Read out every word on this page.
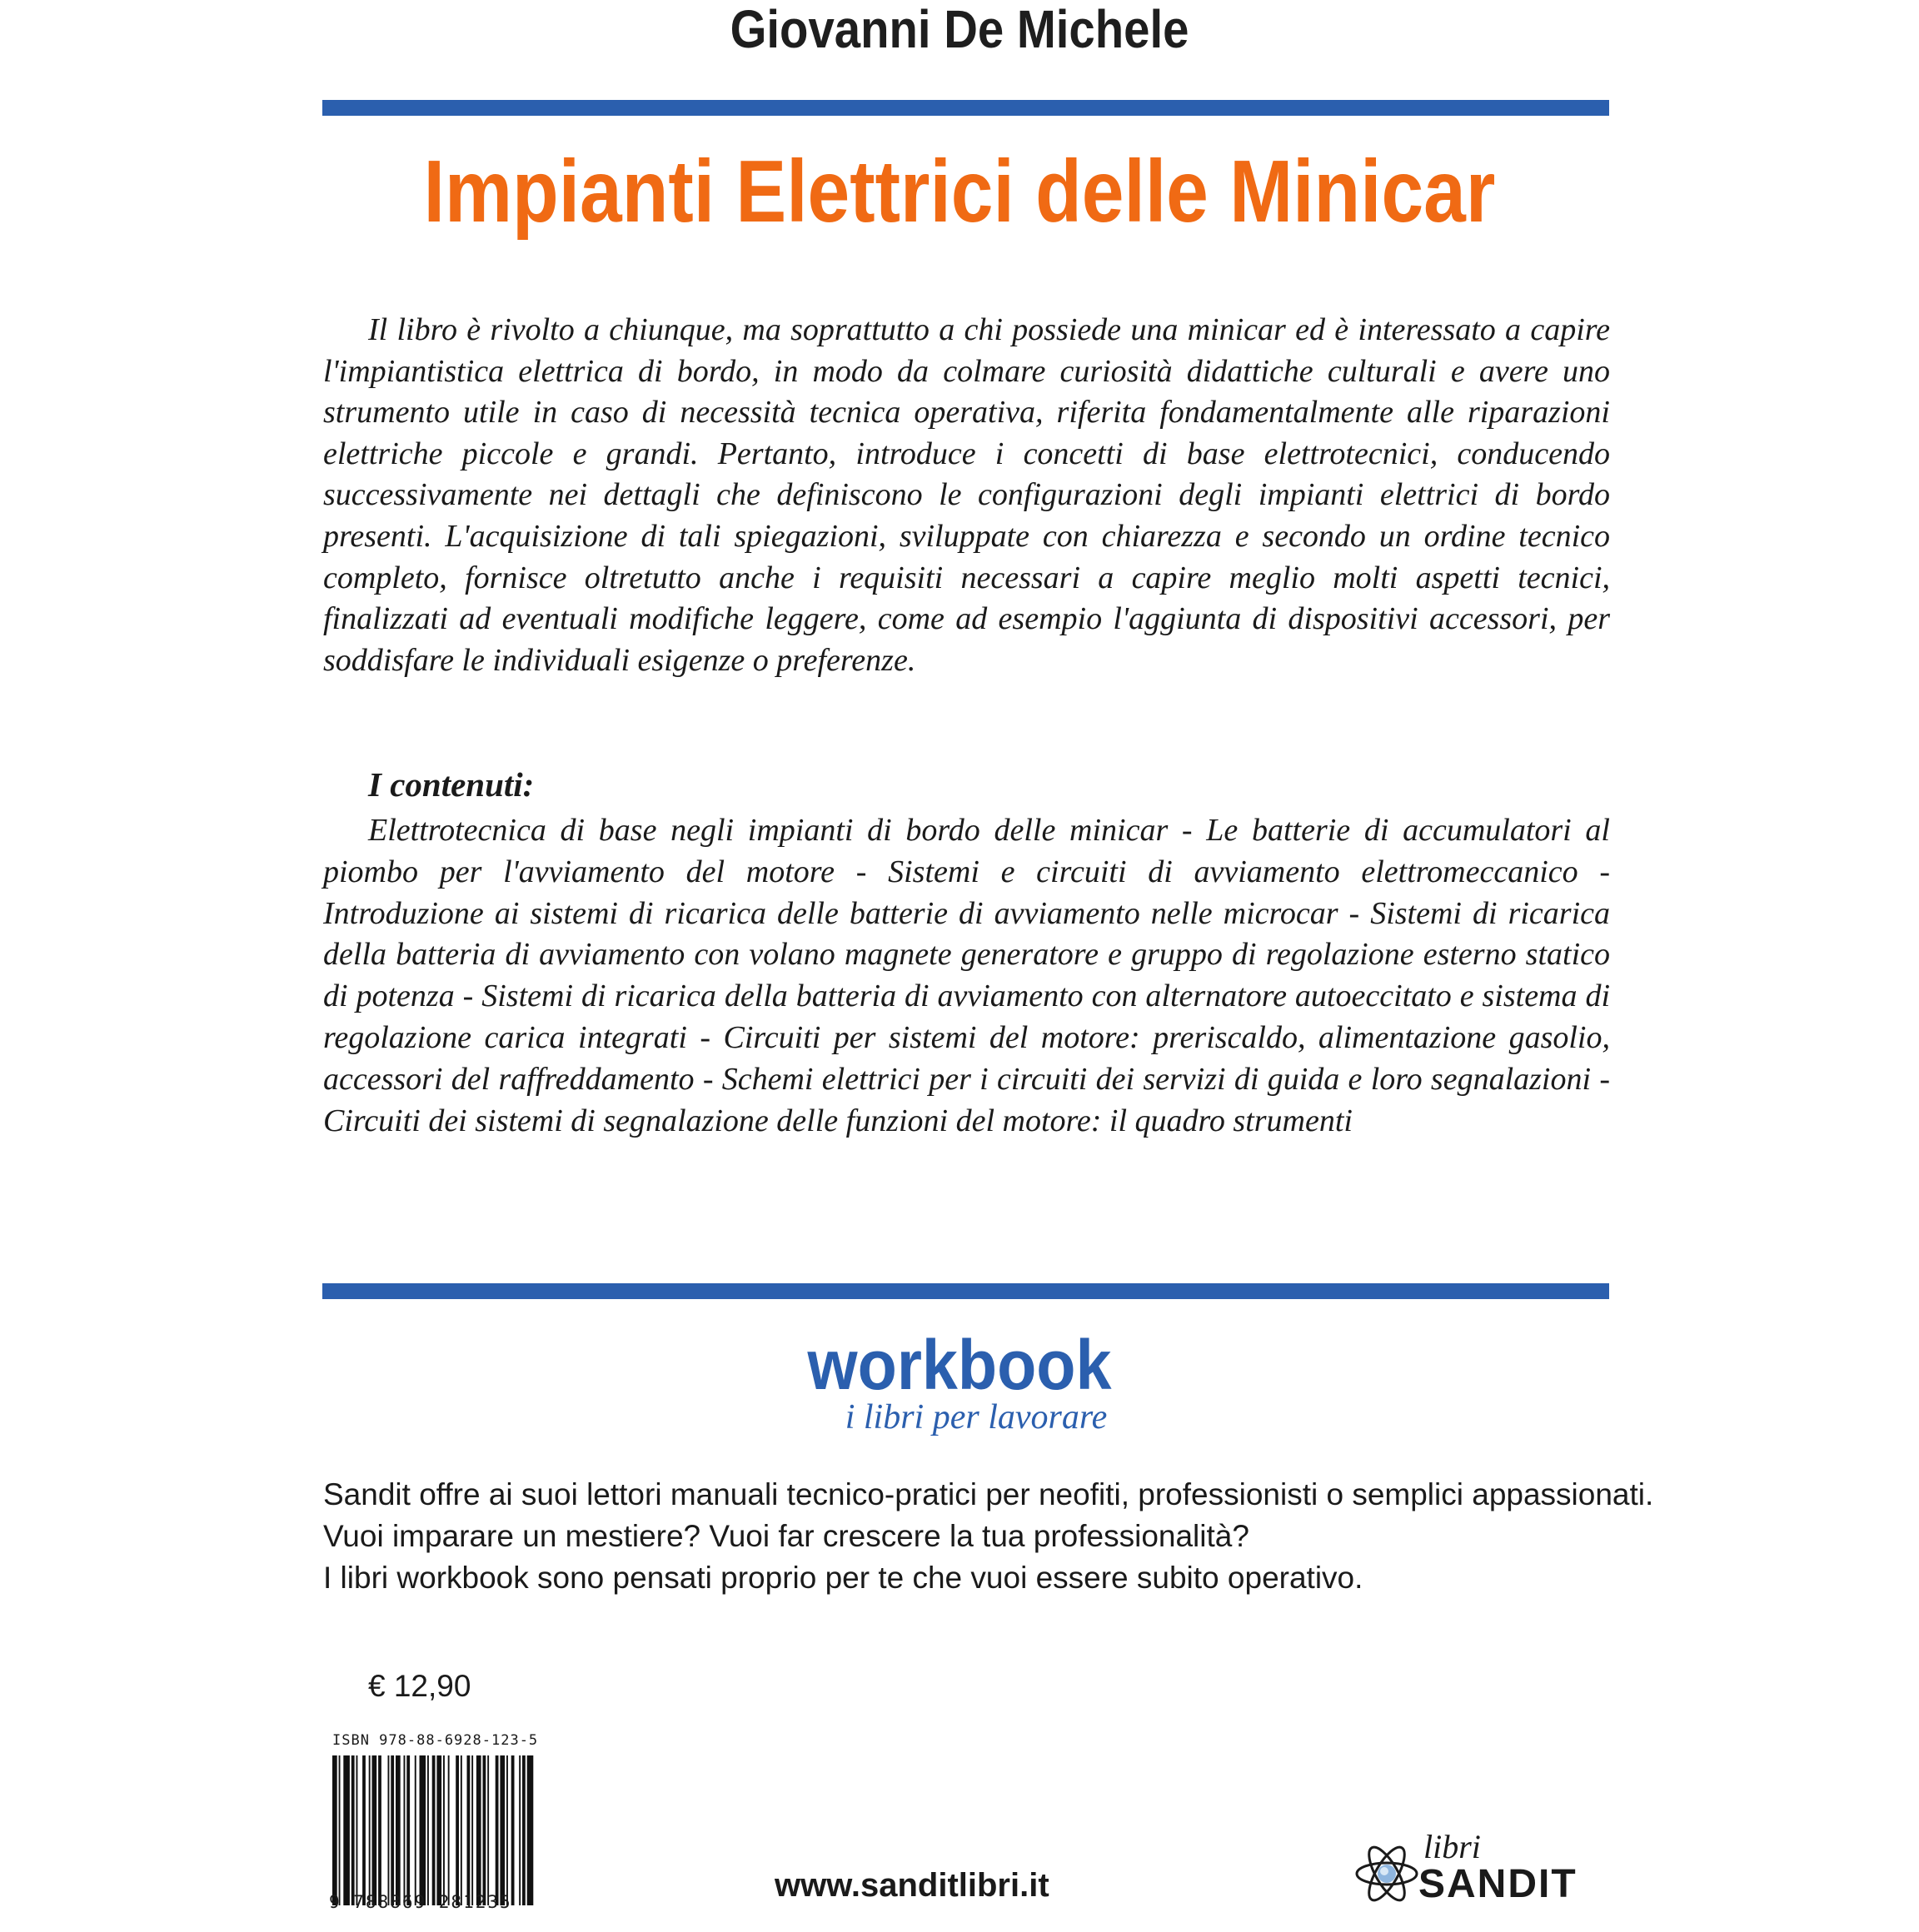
Giovanni De Michele
Impianti Elettrici delle Minicar

Il libro è rivolto a chiunque, ma soprattutto a chi possiede una minicar ed è interessato a capire l'impiantistica elettrica di bordo, in modo da colmare curiosità didattiche culturali e avere uno strumento utile in caso di necessità tecnica operativa, riferita fondamentalmente alle riparazioni elettriche piccole e grandi. Pertanto, introduce i concetti di base elettrotecnici, conducendo successivamente nei dettagli che definiscono le configurazioni degli impianti elettrici di bordo presenti. L'acquisizione di tali spiegazioni, sviluppate con chiarezza e secondo un ordine tecnico completo, fornisce oltretutto anche i requisiti necessari a capire meglio molti aspetti tecnici, finalizzati ad eventuali modifiche leggere, come ad esempio l'aggiunta di dispositivi accessori, per soddisfare le individuali esigenze o preferenze.

I contenuti:

Elettrotecnica di base negli impianti di bordo delle minicar - Le batterie di accumulatori al piombo per l'avviamento del motore - Sistemi e circuiti di avviamento elettromeccanico - Introduzione ai sistemi di ricarica delle batterie di avviamento nelle microcar - Sistemi di ricarica della batteria di avviamento con volano magnete generatore e gruppo di regolazione esterno statico di potenza - Sistemi di ricarica della batteria di avviamento con alternatore autoeccitato e sistema di regolazione carica integrati - Circuiti per sistemi del motore: preriscaldo, alimentazione gasolio, accessori del raffreddamento - Schemi elettrici per i circuiti dei servizi di guida e loro segnalazioni - Circuiti dei sistemi di segnalazione delle funzioni del motore: il quadro strumenti

workbook
i libri per lavorare
Sandit offre ai suoi lettori manuali tecnico-pratici per neofiti, professionisti o semplici appassionati.
Vuoi imparare un mestiere? Vuoi far crescere la tua professionalità?
I libri workbook sono pensati proprio per te che vuoi essere subito operativo.
€ 12,90
ISBN 978-88-6928-123-5
9 788869 281235	www.sanditlibri.it
libri
SANDIT
